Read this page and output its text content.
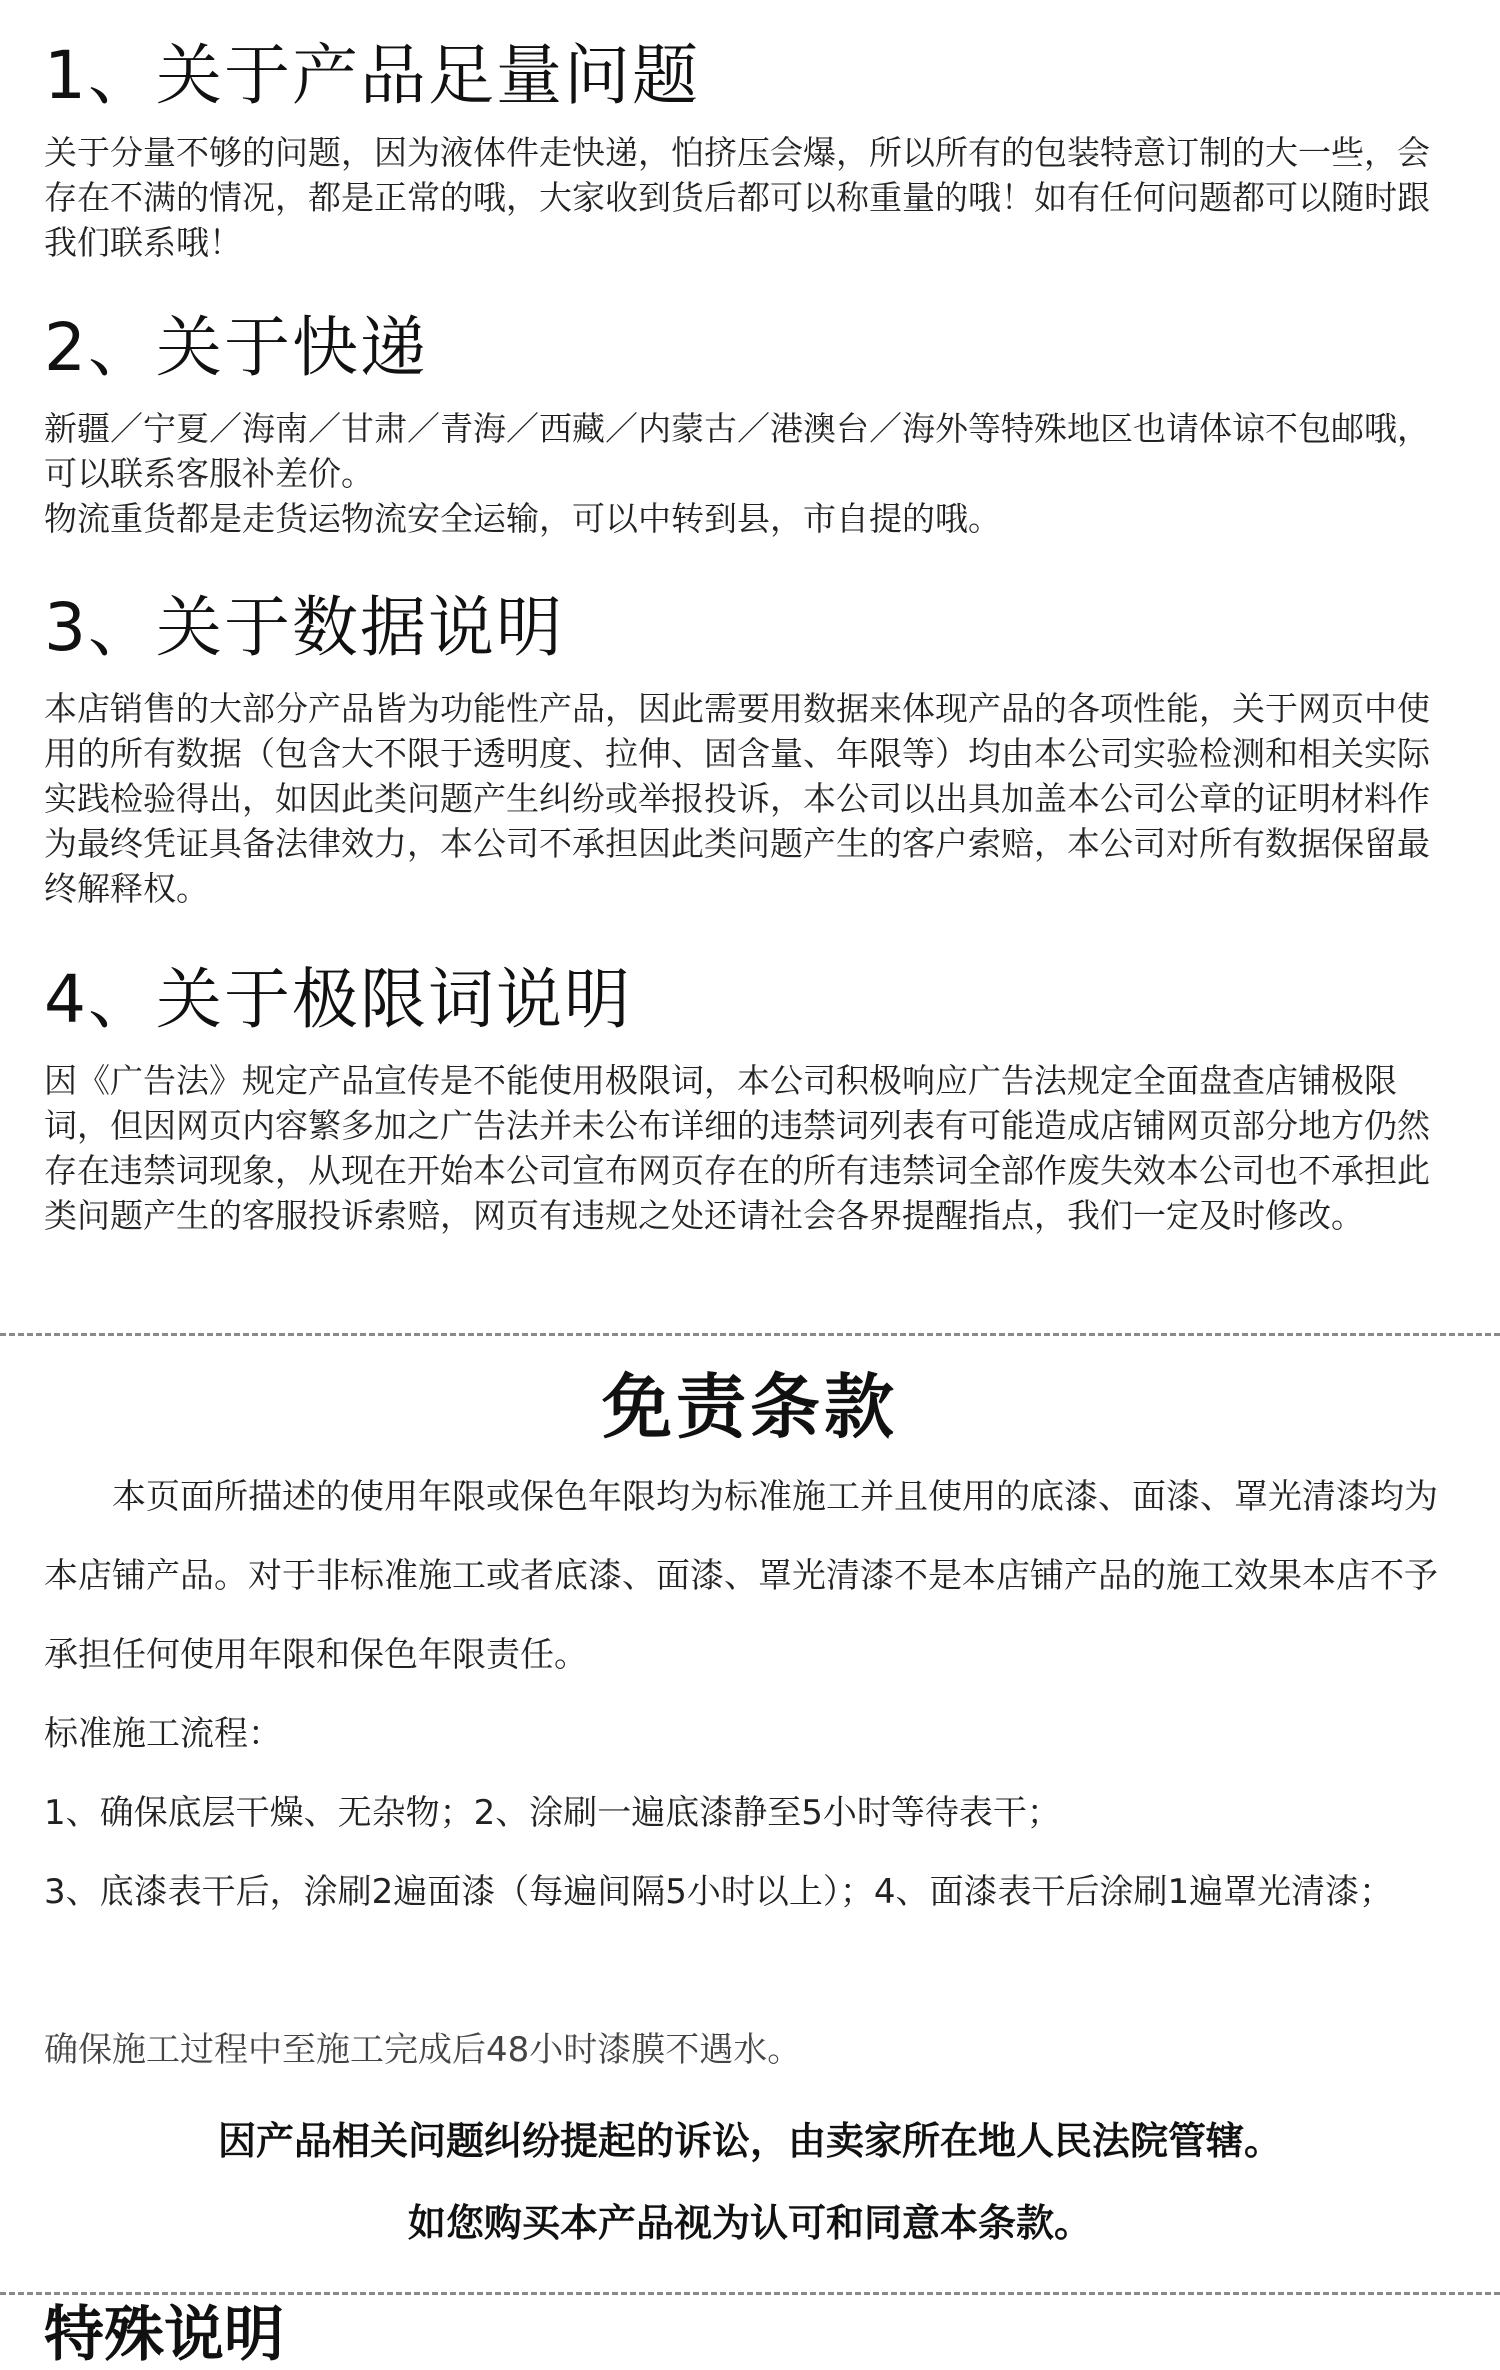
1、关于产品足量问题

关于分量不够的问题，因为液体件走快递，怕挤压会爆，所以所有的包装特意订制的大一些，会存在不满的情况，都是正常的哦，大家收到货后都可以称重量的哦！如有任何问题都可以随时跟我们联系哦！

2、关于快递

新疆／宁夏／海南／甘肃／青海／西藏／内蒙古／港澳台／海外等特殊地区也请体谅不包邮哦，可以联系客服补差价。

物流重货都是走货运物流安全运输，可以中转到县，市自提的哦。

3、关于数据说明

本店销售的大部分产品皆为功能性产品，因此需要用数据来体现产品的各项性能，关于网页中使用的所有数据（包含大不限于透明度、拉伸、固含量、年限等）均由本公司实验检测和相关实际实践检验得出，如因此类问题产生纠纷或举报投诉，本公司以出具加盖本公司公章的证明材料作为最终凭证具备法律效力，本公司不承担因此类问题产生的客户索赔，本公司对所有数据保留最终解释权。

4、关于极限词说明

因《广告法》规定产品宣传是不能使用极限词，本公司积极响应广告法规定全面盘查店铺极限词，但因网页内容繁多加之广告法并未公布详细的违禁词列表有可能造成店铺网页部分地方仍然存在违禁词现象，从现在开始本公司宣布网页存在的所有违禁词全部作废失效本公司也不承担此类问题产生的客服投诉索赔，网页有违规之处还请社会各界提醒指点，我们一定及时修改。

免责条款

本页面所描述的使用年限或保色年限均为标准施工并且使用的底漆、面漆、罩光清漆均为本店铺产品。对于非标准施工或者底漆、面漆、罩光清漆不是本店铺产品的施工效果本店不予承担任何使用年限和保色年限责任。

标准施工流程：

1、确保底层干燥、无杂物；2、涂刷一遍底漆静至5小时等待表干；

3、底漆表干后，涂刷2遍面漆（每遍间隔5小时以上）；4、面漆表干后涂刷1遍罩光清漆；

确保施工过程中至施工完成后48小时漆膜不遇水。

因产品相关问题纠纷提起的诉讼，由卖家所在地人民法院管辖。

如您购买本产品视为认可和同意本条款。

特殊说明
